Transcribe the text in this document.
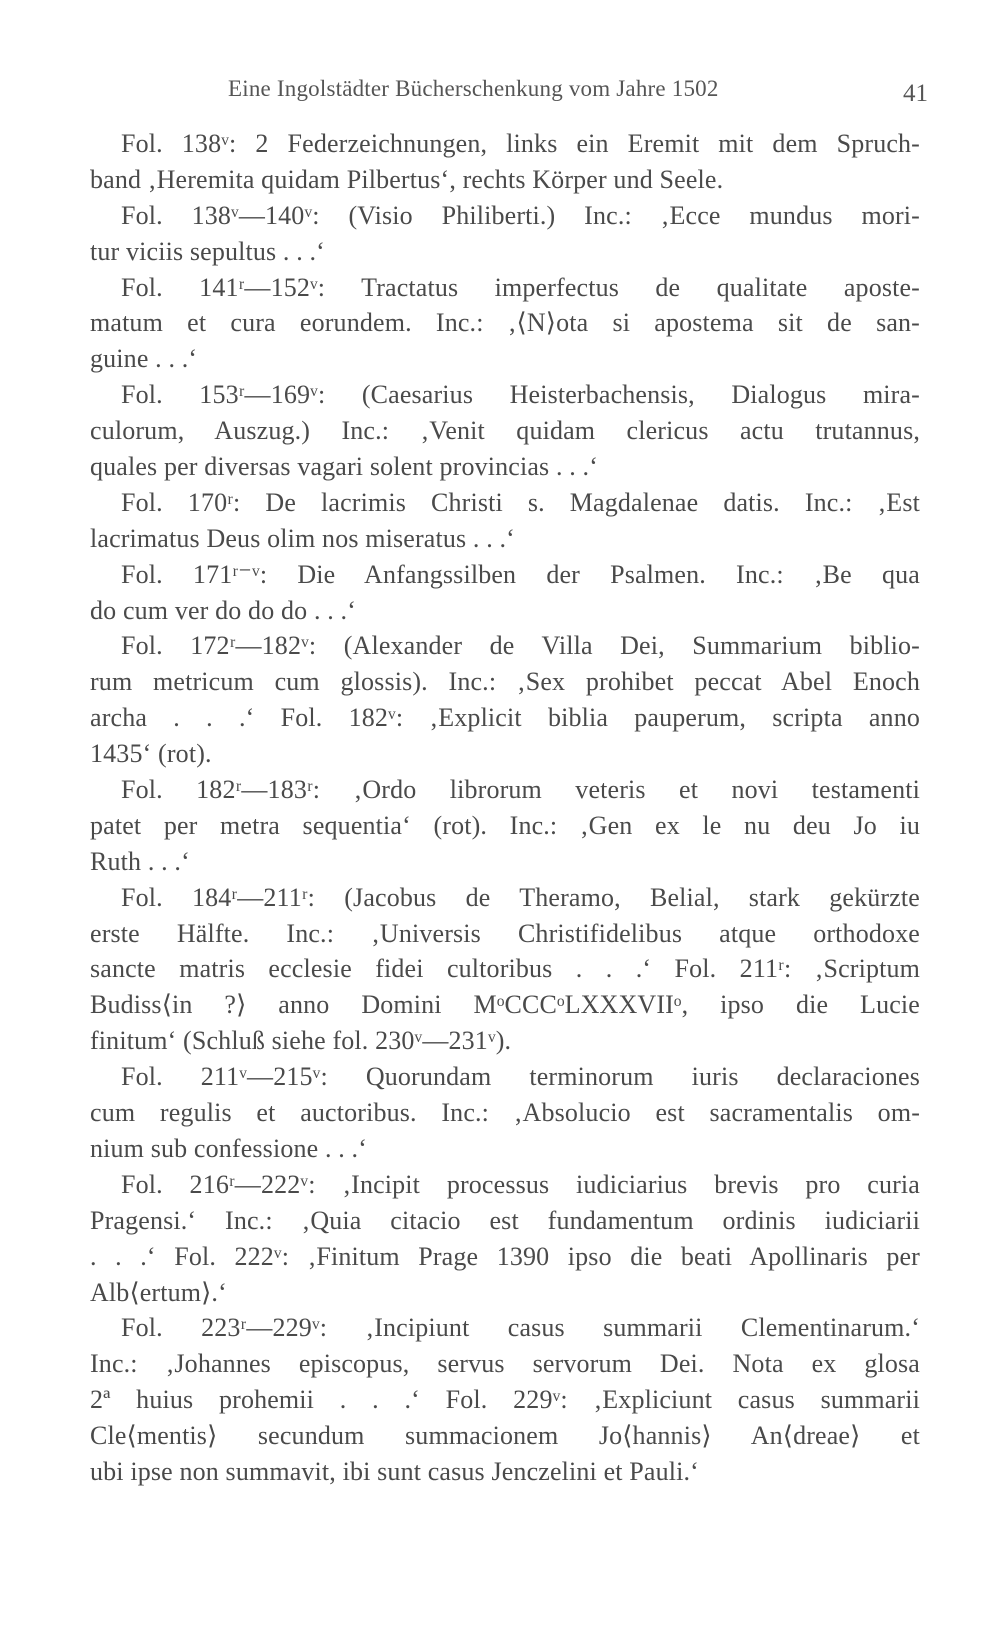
Eine Ingolstädter Bücherschenkung vom Jahre 1502	41
Fol. 138ᵛ: 2 Federzeichnungen, links ein Eremit mit dem Spruch-
band ‚Heremita quidam Pilbertus‘, rechts Körper und Seele.
Fol. 138ᵛ—140ᵛ: (Visio Philiberti.) Inc.: ‚Ecce mundus mori-
tur viciis sepultus . . .‘
Fol. 141ʳ—152ᵛ: Tractatus imperfectus de qualitate aposte-
matum et cura eorundem. Inc.: ‚⟨N⟩ota si apostema sit de san-
guine . . .‘
Fol. 153ʳ—169ᵛ: (Caesarius Heisterbachensis, Dialogus mira-
culorum, Auszug.) Inc.: ‚Venit quidam clericus actu trutannus,
quales per diversas vagari solent provincias . . .‘
Fol. 170ʳ: De lacrimis Christi s. Magdalenae datis. Inc.: ‚Est
lacrimatus Deus olim nos miseratus . . .‘
Fol. 171ʳ⁻ᵛ: Die Anfangssilben der Psalmen. Inc.: ‚Be qua
do cum ver do do do . . .‘
Fol. 172ʳ—182ᵛ: (Alexander de Villa Dei, Summarium biblio-
rum metricum cum glossis). Inc.: ‚Sex prohibet peccat Abel Enoch
archa . . .‘ Fol. 182ᵛ: ‚Explicit biblia pauperum, scripta anno
1435‘ (rot).
Fol. 182ʳ—183ʳ: ‚Ordo librorum veteris et novi testamenti
patet per metra sequentia‘ (rot). Inc.: ‚Gen ex le nu deu Jo iu
Ruth . . .‘
Fol. 184ʳ—211ʳ: (Jacobus de Theramo, Belial, stark gekürzte
erste Hälfte. Inc.: ‚Universis Christifidelibus atque orthodoxe
sancte matris ecclesie fidei cultoribus . . .‘ Fol. 211ʳ: ‚Scriptum
Budiss⟨in ?⟩ anno Domini MᵒCCCᵒLXXXVIIᵒ, ipso die Lucie
finitum‘ (Schluß siehe fol. 230ᵛ—231ᵛ).
Fol. 211ᵛ—215ᵛ: Quorundam terminorum iuris declaraciones
cum regulis et auctoribus. Inc.: ‚Absolucio est sacramentalis om-
nium sub confessione . . .‘
Fol. 216ʳ—222ᵛ: ‚Incipit processus iudiciarius brevis pro curia
Pragensi.‘ Inc.: ‚Quia citacio est fundamentum ordinis iudiciarii
. . .‘ Fol. 222ᵛ: ‚Finitum Prage 1390 ipso die beati Apollinaris per
Alb⟨ertum⟩.‘
Fol. 223ʳ—229ᵛ: ‚Incipiunt casus summarii Clementinarum.‘
Inc.: ‚Johannes episcopus, servus servorum Dei. Nota ex glosa
2ª huius prohemii . . .‘ Fol. 229ᵛ: ‚Expliciunt casus summarii
Cle⟨mentis⟩ secundum summacionem Jo⟨hannis⟩ An⟨dreae⟩ et
ubi ipse non summavit, ibi sunt casus Jenczelini et Pauli.‘
